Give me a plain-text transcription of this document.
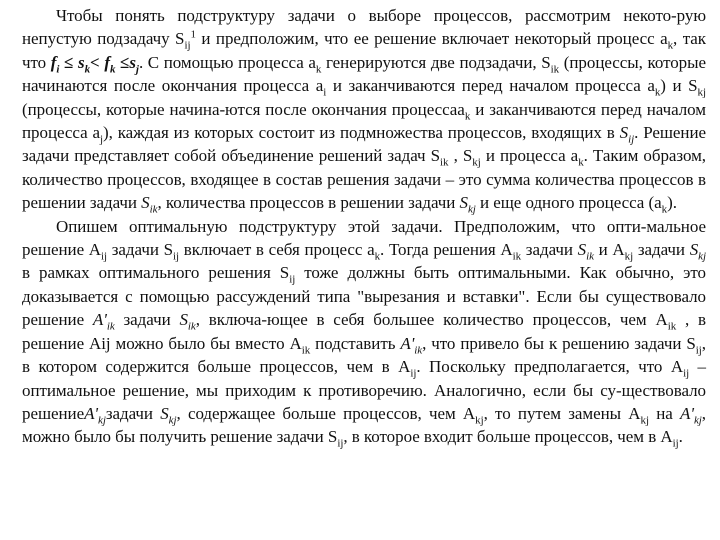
Чтобы понять подструктуру задачи о выборе процессов, рассмотрим некото-рую непустую подзадачу $S_{ij}^1$ и предположим, что ее решение включает некоторый процесс $a_k$, так что $f_i \le s_k< f_k \le s_j$. С помощью процесса $a_k$ генерируются две подзадачи, $S_{ik}$ (процессы, которые начинаются после окончания процесса $a_i$ и заканчиваются перед началом процесса $a_k$) и $S_{kj}$ (процессы, которые начина-ются после окончания процессаa$_k$ и заканчиваются перед началом процесса $a_j$), каждая из которых состоит из подмножества процессов, входящих в $S_{ij}$. Решение задачи представляет собой объединение решений задач $S_{ik}$ , $S_{kj}$ и процесса $a_k$. Таким образом, количество процессов, входящее в состав решения задачи – это сумма количества процессов в решении задачи $S_{ik}$, количества процессов в решении задачи $S_{kj}$ и еще одного процесса $(a_k)$.

Опишем оптимальную подструктуру этой задачи. Предположим, что опти-мальное решение $A_{ij}$ задачи $S_{ij}$ включает в себя процесс $a_k$. Тогда решения $A_{ik}$ задачи $S_{ik}$ и $A_{kj}$ задачи $S_{kj}$ в рамках оптимального решения $S_{ij}$ тоже должны быть оптимальными. Как обычно, это доказывается с помощью рассуждений типа "вырезания и вставки". Если бы существовало решение $A'_{ik}$ задачи $S_{ik}$, включа-ющее в себя большее количество процессов, чем $A_{ik}$ , в решение Aij можно было бы вместо $A_{ik}$ подставить $A'_{ik}$, что привело бы к решению задачи $S_{ij}$, в котором содержится больше процессов, чем в $A_{ij}$. Поскольку предполагается, что $A_{ij}$ – оптимальное решение, мы приходим к противоречию. Аналогично, если бы су-ществовало $решениеA'_{kj}задачи$ $S_{kj}$, содержащее больше процессов, чем $A_{kj}$, то путем замены $A_{kj}$ на $A'_{kj}$, можно было бы получить решение задачи $S_{ij}$, в которое входит больше процессов, чем в $A_{ij}$.
